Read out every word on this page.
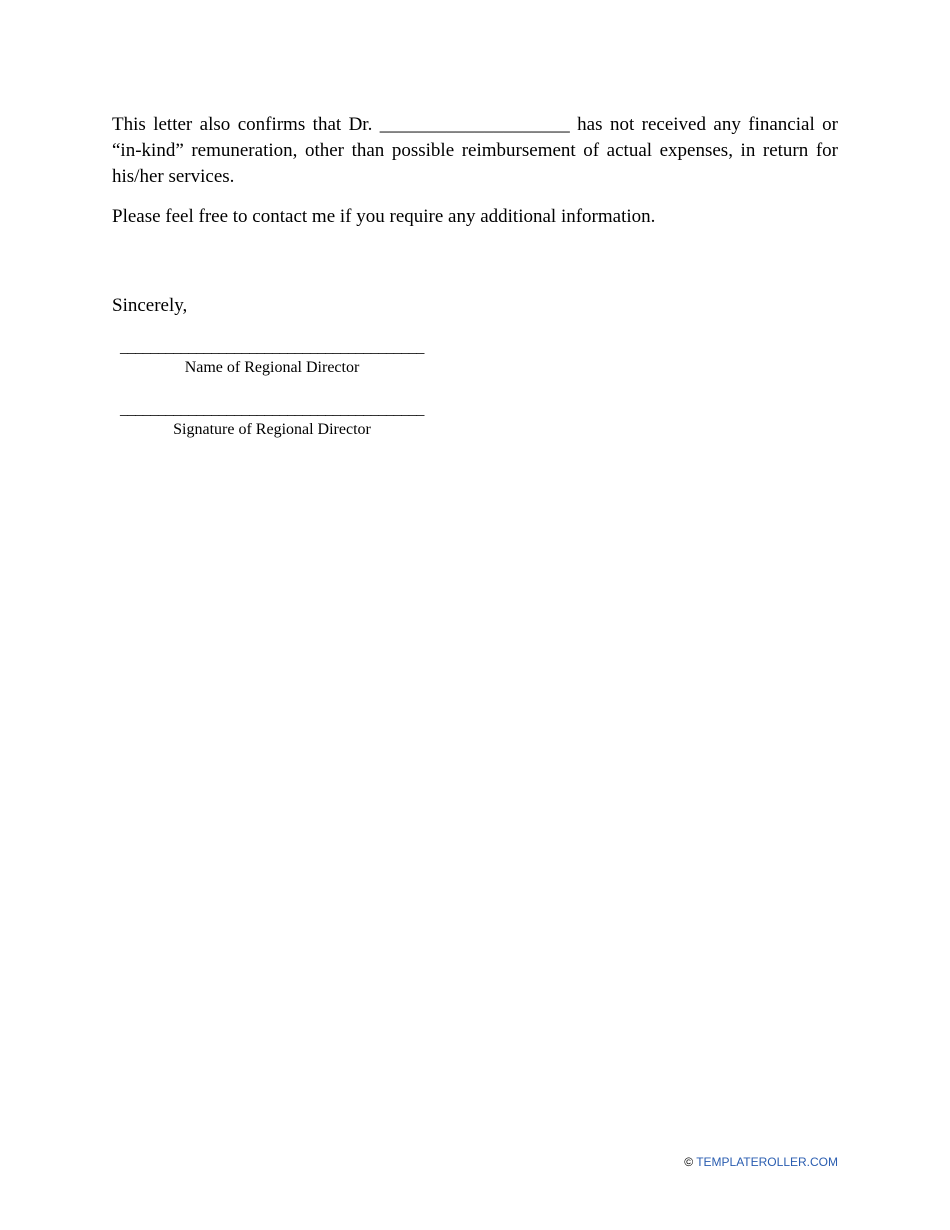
This letter also confirms that Dr. ____________________ has not received any financial or “in-kind” remuneration, other than possible reimbursement of actual expenses, in return for his/her services.

Please feel free to contact me if you require any additional information.

Sincerely,

________________________________________
Name of Regional Director
________________________________________
Signature of Regional Director
© TEMPLATEROLLER.COM
